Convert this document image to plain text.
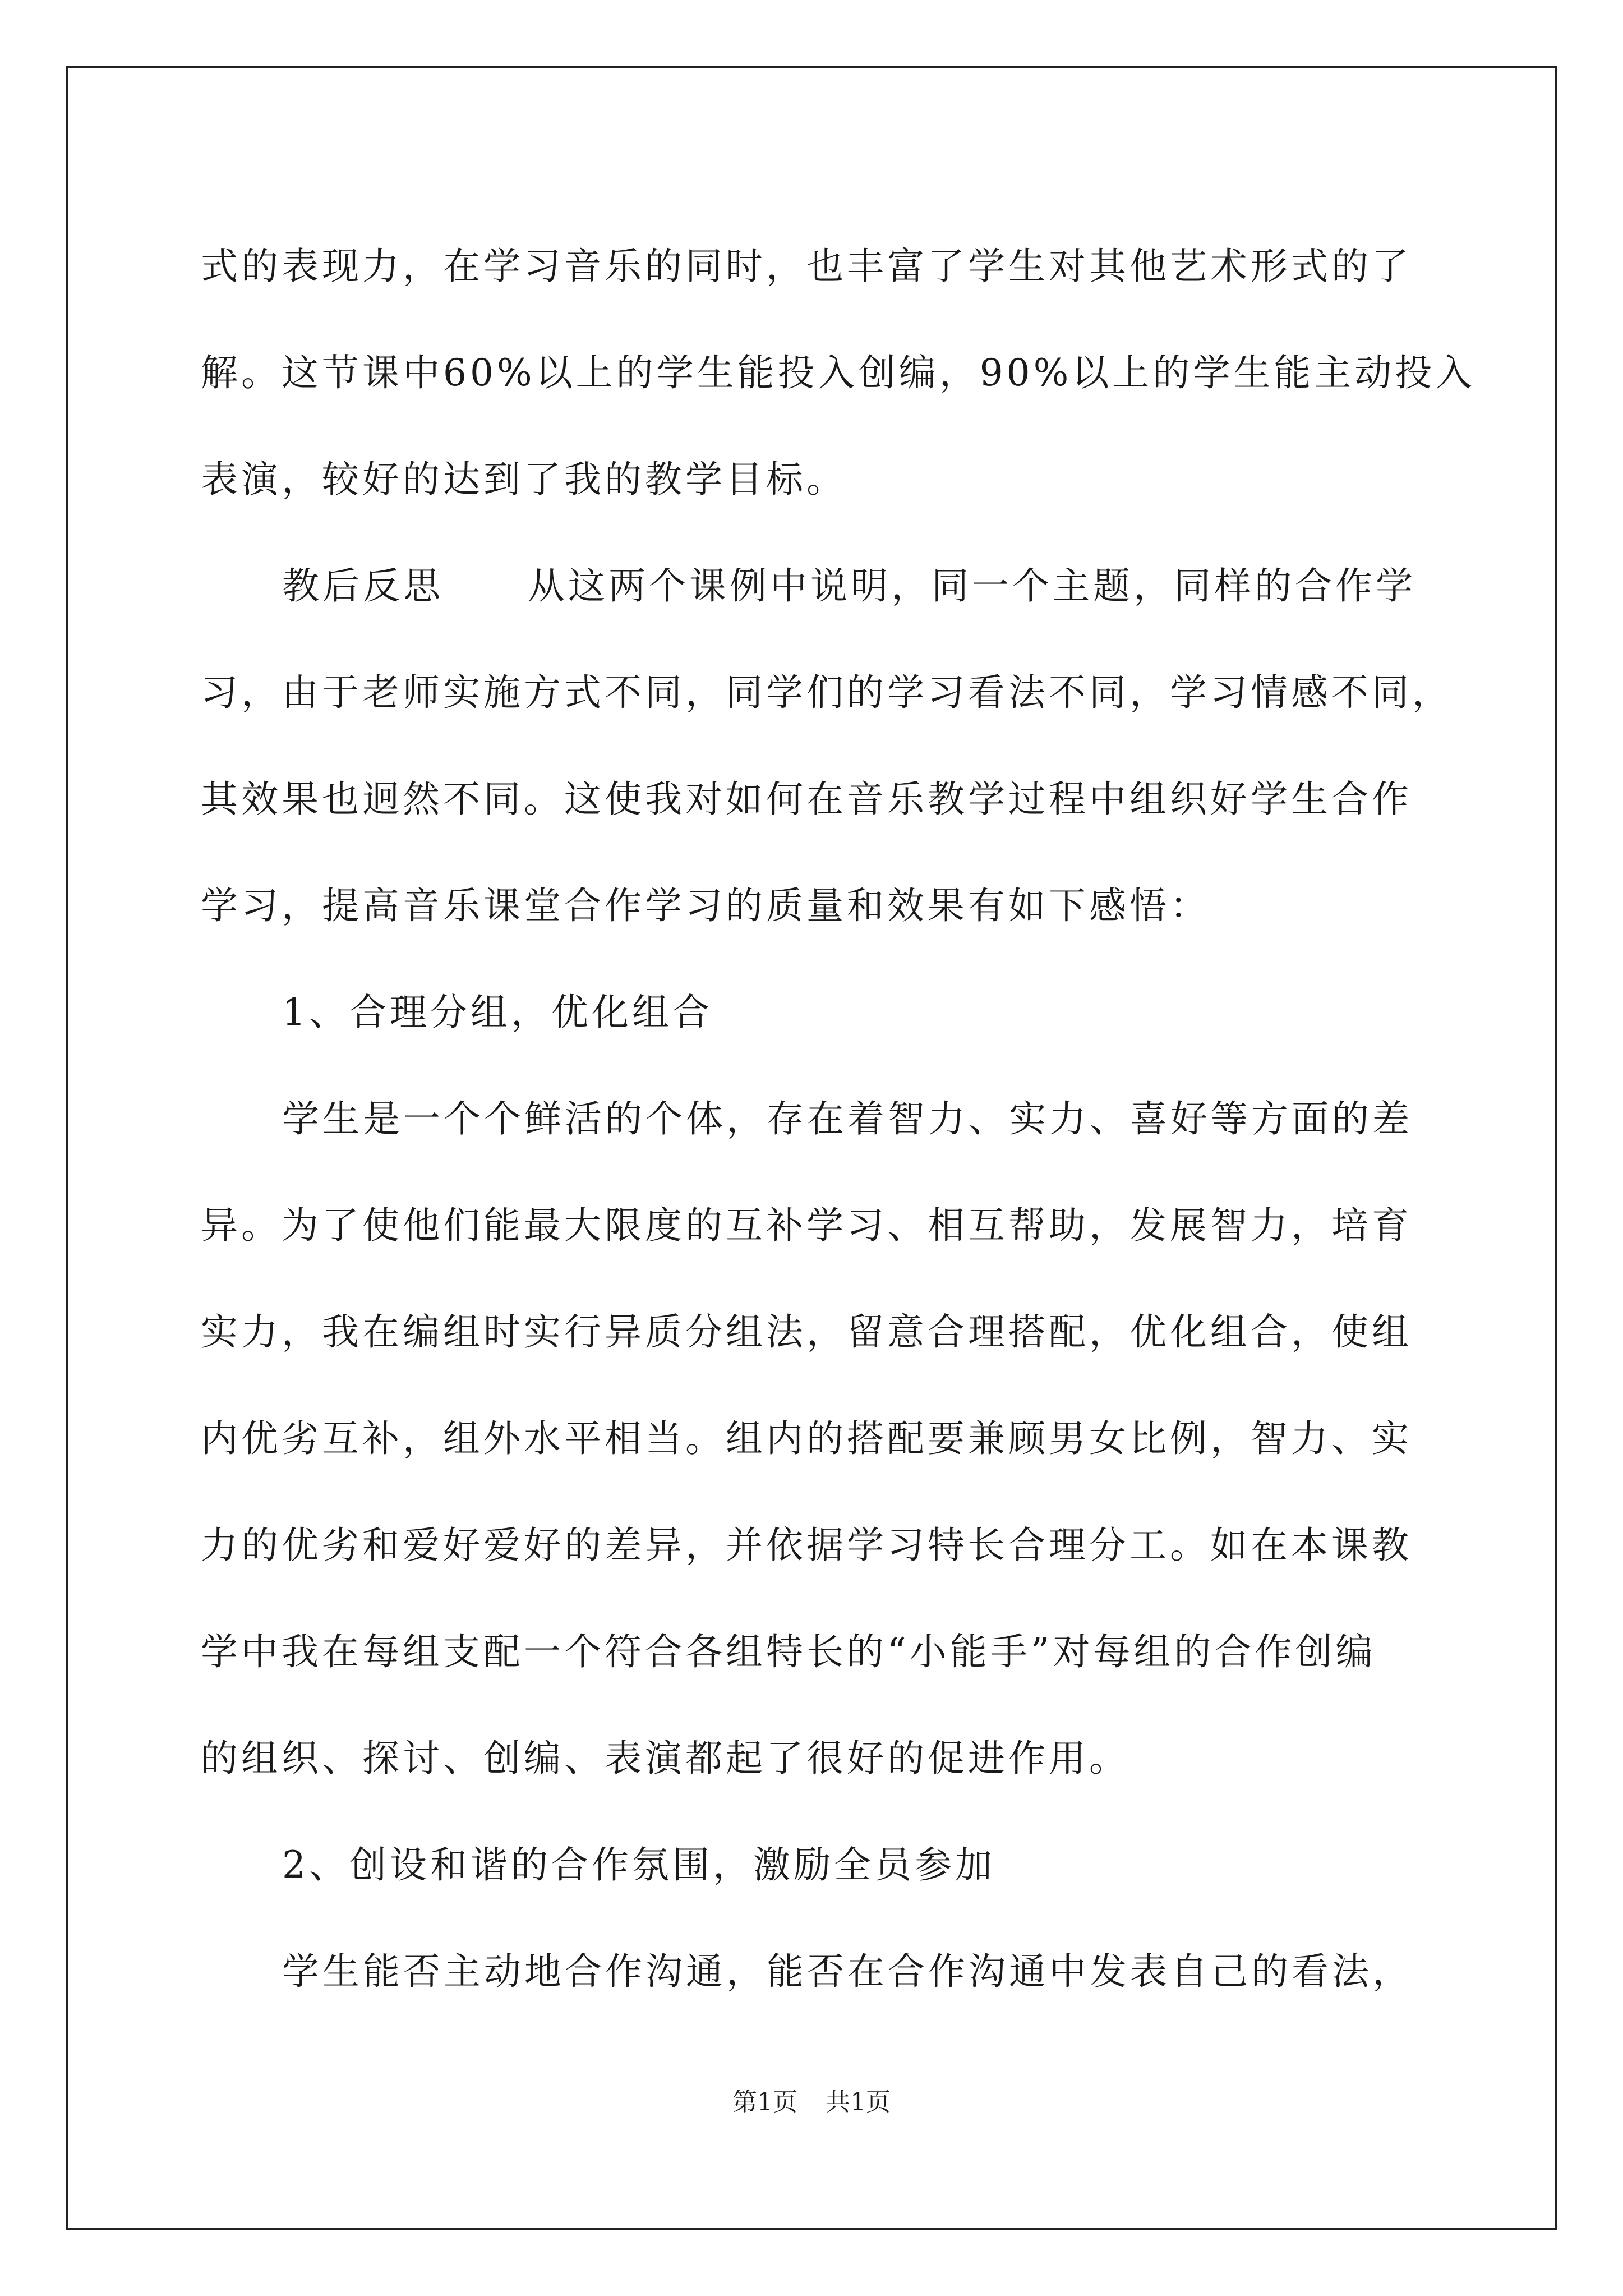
式的表现力，在学习音乐的同时，也丰富了学生对其他艺术形式的了
解。这节课中60%以上的学生能投入创编，90%以上的学生能主动投入
表演，较好的达到了我的教学目标。
教后反思 从这两个课例中说明，同一个主题，同样的合作学
习，由于老师实施方式不同，同学们的学习看法不同，学习情感不同，
其效果也迥然不同。这使我对如何在音乐教学过程中组织好学生合作
学习，提高音乐课堂合作学习的质量和效果有如下感悟：
1、合理分组，优化组合
学生是一个个鲜活的个体，存在着智力、实力、喜好等方面的差
异。为了使他们能最大限度的互补学习、相互帮助，发展智力，培育
实力，我在编组时实行异质分组法，留意合理搭配，优化组合，使组
内优劣互补，组外水平相当。组内的搭配要兼顾男女比例，智力、实
力的优劣和爱好爱好的差异，并依据学习特长合理分工。如在本课教
学中我在每组支配一个符合各组特长的“小能手”对每组的合作创编
的组织、探讨、创编、表演都起了很好的促进作用。
2、创设和谐的合作氛围，激励全员参加
学生能否主动地合作沟通，能否在合作沟通中发表自己的看法，
第1页 共1页
